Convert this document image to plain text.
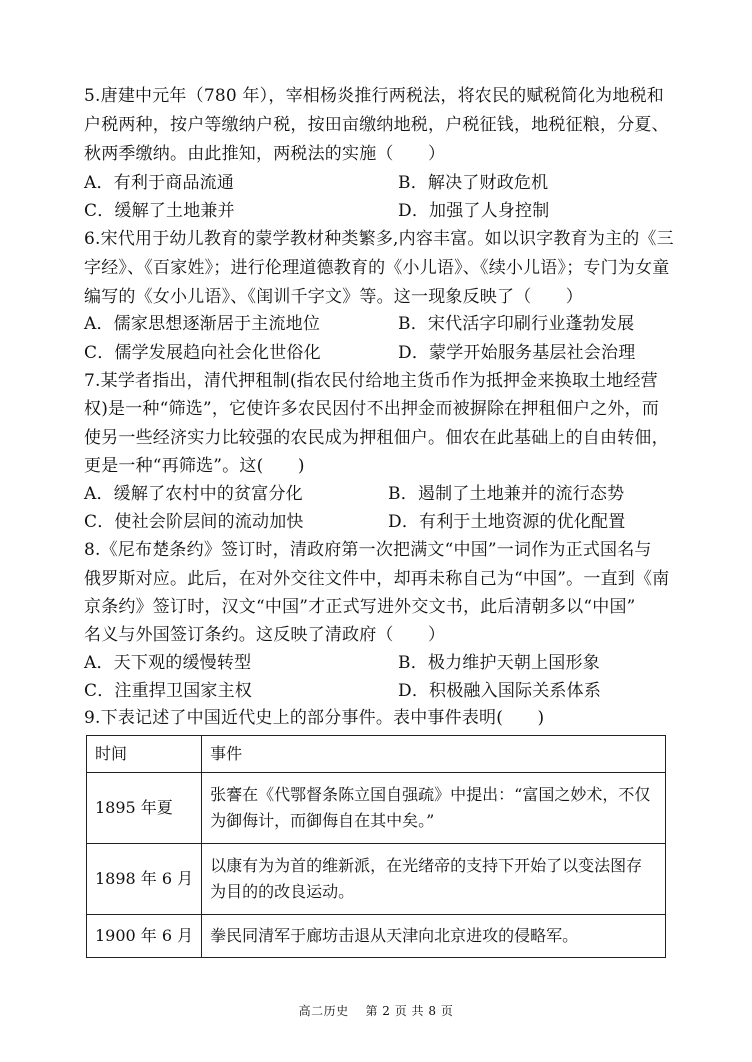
5.唐建中元年（780 年），宰相杨炎推行两税法，将农民的赋税简化为地税和
户税两种，按户等缴纳户税，按田亩缴纳地税，户税征钱，地税征粮，分夏、
秋两季缴纳。由此推知，两税法的实施（　　）
A．有利于商品流通	B．解决了财政危机
C．缓解了土地兼并	D．加强了人身控制
6.宋代用于幼儿教育的蒙学教材种类繁多,内容丰富。如以识字教育为主的《三
字经》、《百家姓》；进行伦理道德教育的《小儿语》、《续小儿语》；专门为女童
编写的《女小儿语》、《闺训千字文》等。这一现象反映了（　　）
A．儒家思想逐渐居于主流地位	B．宋代活字印刷行业蓬勃发展
C．儒学发展趋向社会化世俗化	D．蒙学开始服务基层社会治理
7.某学者指出，清代押租制(指农民付给地主货币作为抵押金来换取土地经营
权)是一种“筛选”，它使许多农民因付不出押金而被摒除在押租佃户之外，而
使另一些经济实力比较强的农民成为押租佃户。佃农在此基础上的自由转佃，
更是一种“再筛选”。这(　　)
A．缓解了农村中的贫富分化	B．遏制了土地兼并的流行态势
C．使社会阶层间的流动加快	D．有利于土地资源的优化配置
8.《尼布楚条约》签订时，清政府第一次把满文“中国”一词作为正式国名与
俄罗斯对应。此后，在对外交往文件中，却再未称自己为“中国”。一直到《南
京条约》签订时，汉文“中国”才正式写进外交文书，此后清朝多以“中国”
名义与外国签订条约。这反映了清政府（　　）
A．天下观的缓慢转型	B．极力维护天朝上国形象
C．注重捍卫国家主权	D．积极融入国际关系体系
9.下表记述了中国近代史上的部分事件。表中事件表明(　　)
时间	事件
1895 年夏	张謇在《代鄂督条陈立国自强疏》中提出：“富国之妙术，不仅为御侮计，而御侮自在其中矣。”
1898 年 6 月	以康有为为首的维新派，在光绪帝的支持下开始了以变法图存为目的的改良运动。
1900 年 6 月	拳民同清军于廊坊击退从天津向北京进攻的侵略军。
高二历史　 第 2 页 共 8 页
